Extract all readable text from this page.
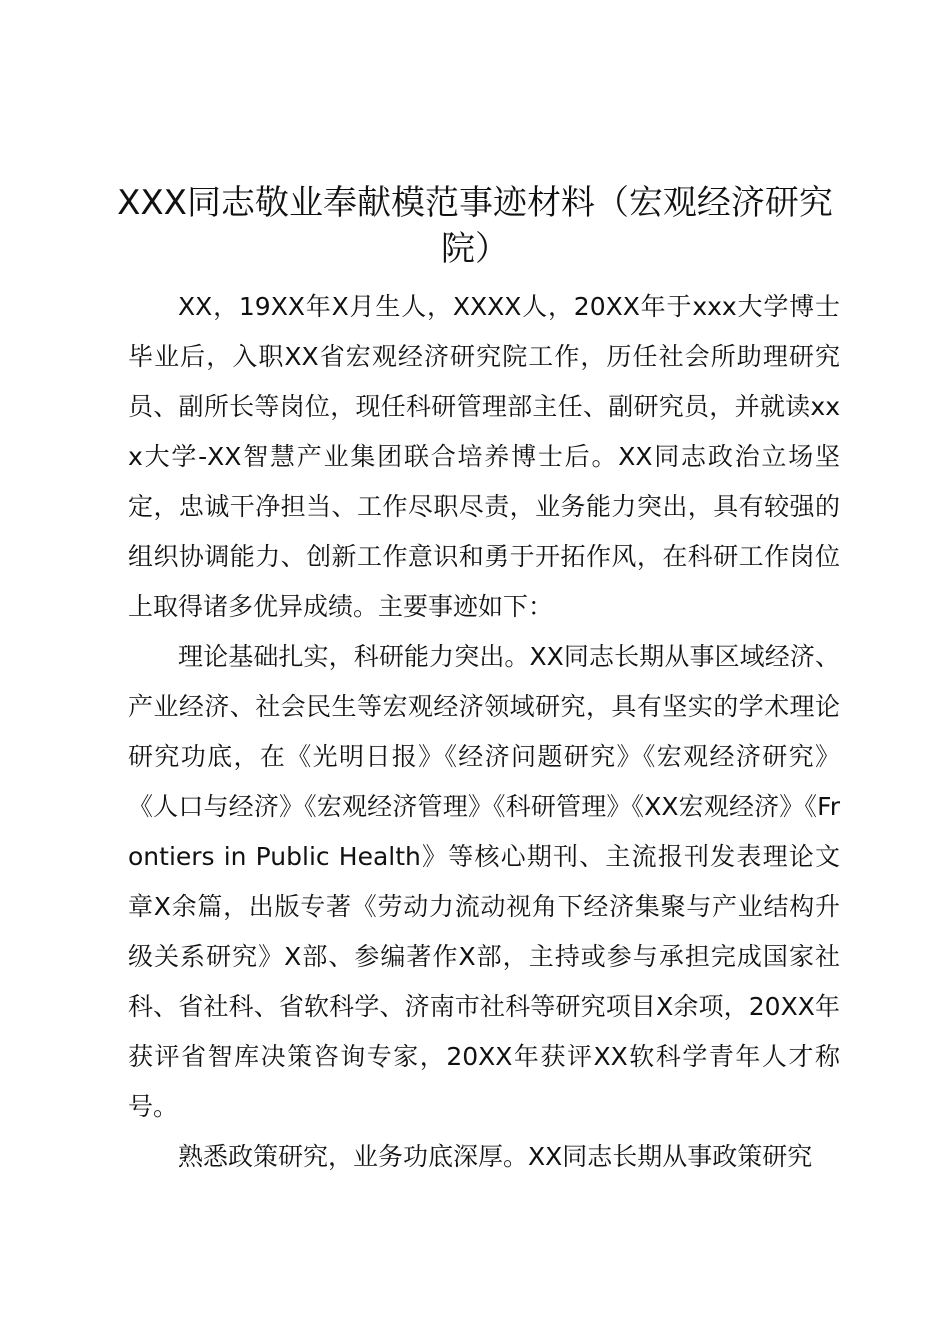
XXX同志敬业奉献模范事迹材料（宏观经济研究院）

XX，19XX年X月生人，XXXX人，20XX年于xxx大学博士毕业后，入职XX省宏观经济研究院工作，历任社会所助理研究员、副所长等岗位，现任科研管理部主任、副研究员，并就读xxx大学-XX智慧产业集团联合培养博士后。XX同志政治立场坚定，忠诚干净担当、工作尽职尽责，业务能力突出，具有较强的组织协调能力、创新工作意识和勇于开拓作风，在科研工作岗位上取得诸多优异成绩。主要事迹如下：

理论基础扎实，科研能力突出。XX同志长期从事区域经济、产业经济、社会民生等宏观经济领域研究，具有坚实的学术理论研究功底，在《光明日报》《经济问题研究》《宏观经济研究》《人口与经济》《宏观经济管理》《科研管理》《XX宏观经济》《Frontiers in Public Health》等核心期刊、主流报刊发表理论文章X余篇，出版专著《劳动力流动视角下经济集聚与产业结构升级关系研究》X部、参编著作X部，主持或参与承担完成国家社科、省社科、省软科学、济南市社科等研究项目X余项，20XX年获评省智库决策咨询专家，20XX年获评XX软科学青年人才称号。

熟悉政策研究，业务功底深厚。XX同志长期从事政策研究
